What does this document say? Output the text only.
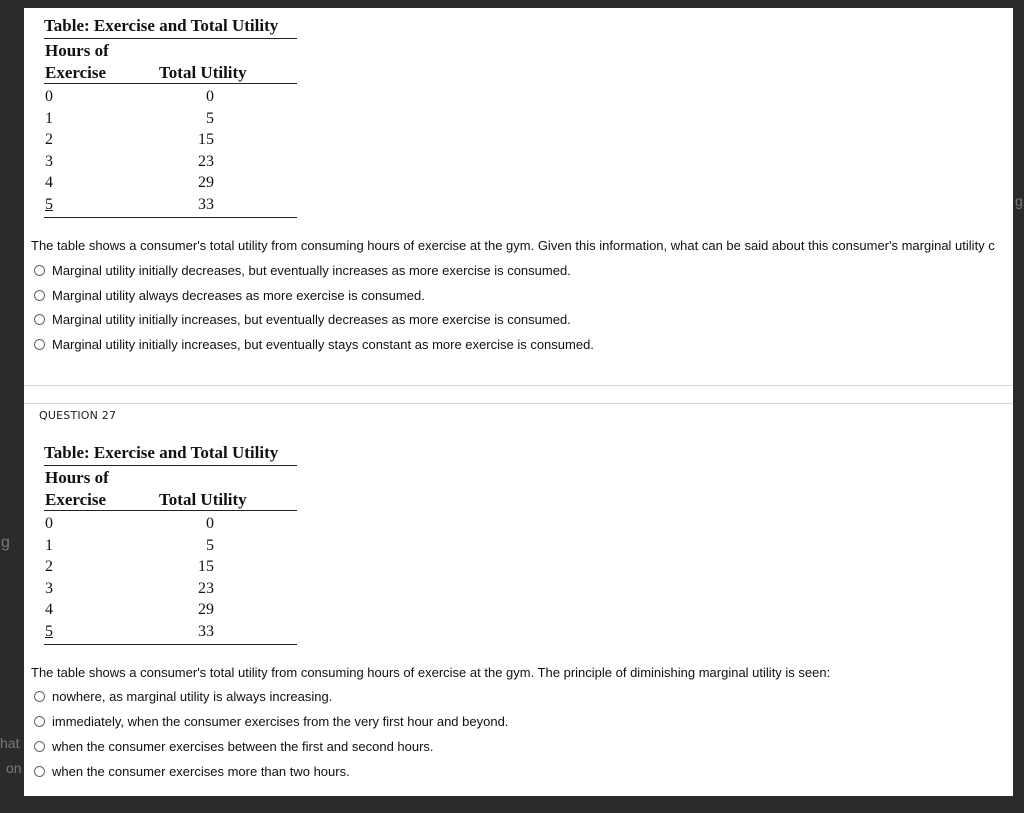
g
hat
on
g
Table: Exercise and Total Utility
Hours of
Exercise	Total Utility
0	0
1	5
2	15
3	23
4	29
5	33
The table shows a consumer's total utility from consuming hours of exercise at the gym. Given this information, what can be said about this consumer's marginal utility c
Marginal utility initially decreases, but eventually increases as more exercise is consumed.
Marginal utility always decreases as more exercise is consumed.
Marginal utility initially increases, but eventually decreases as more exercise is consumed.
Marginal utility initially increases, but eventually stays constant as more exercise is consumed.
QUESTION 27
Table: Exercise and Total Utility
Hours of
Exercise	Total Utility
0	0
1	5
2	15
3	23
4	29
5	33
The table shows a consumer's total utility from consuming hours of exercise at the gym. The principle of diminishing marginal utility is seen:
nowhere, as marginal utility is always increasing.
immediately, when the consumer exercises from the very first hour and beyond.
when the consumer exercises between the first and second hours.
when the consumer exercises more than two hours.
